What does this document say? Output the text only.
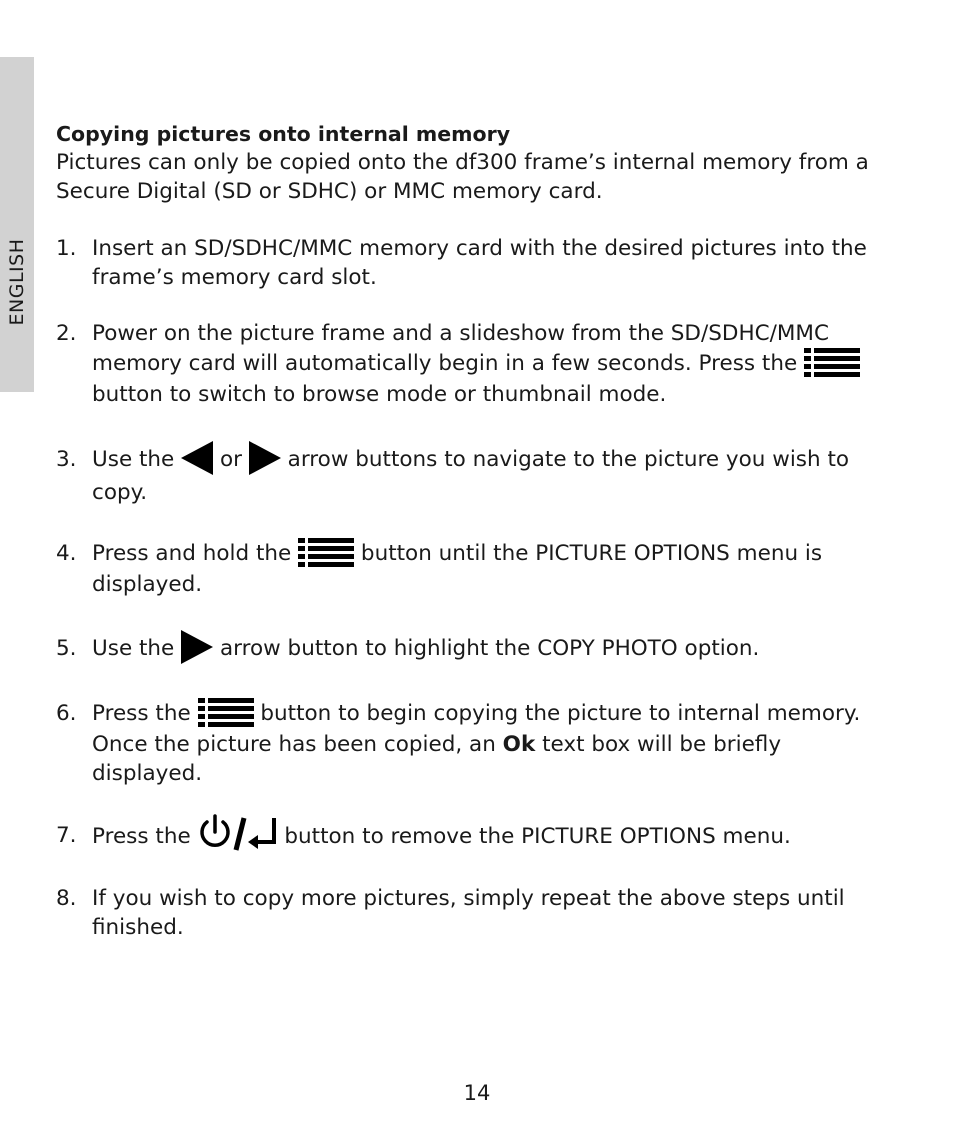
ENGLISH
Copying pictures onto internal memory
Pictures can only be copied onto the df300 frame’s internal memory from a
Secure Digital (SD or SDHC) or MMC memory card.
1. Insert an SD/SDHC/MMC memory card with the desired pictures into the
frame’s memory card slot.
2. Power on the picture frame and a slideshow from the SD/SDHC/MMC
memory card will automatically begin in a few seconds. Press the
button to switch to browse mode or thumbnail mode.
3. Use the or arrow buttons to navigate to the picture you wish to
copy.
4. Press and hold the	button until the PICTURE OPTIONS menu is
displayed.
5. Use the arrow button to highlight the COPY PHOTO option.
6. Press the	button to begin copying the picture to internal memory.
Once the picture has been copied, an Ok text box will be briefly
displayed.
7. Press the	button to remove the PICTURE OPTIONS menu.
8. If you wish to copy more pictures, simply repeat the above steps until
finished.
14
